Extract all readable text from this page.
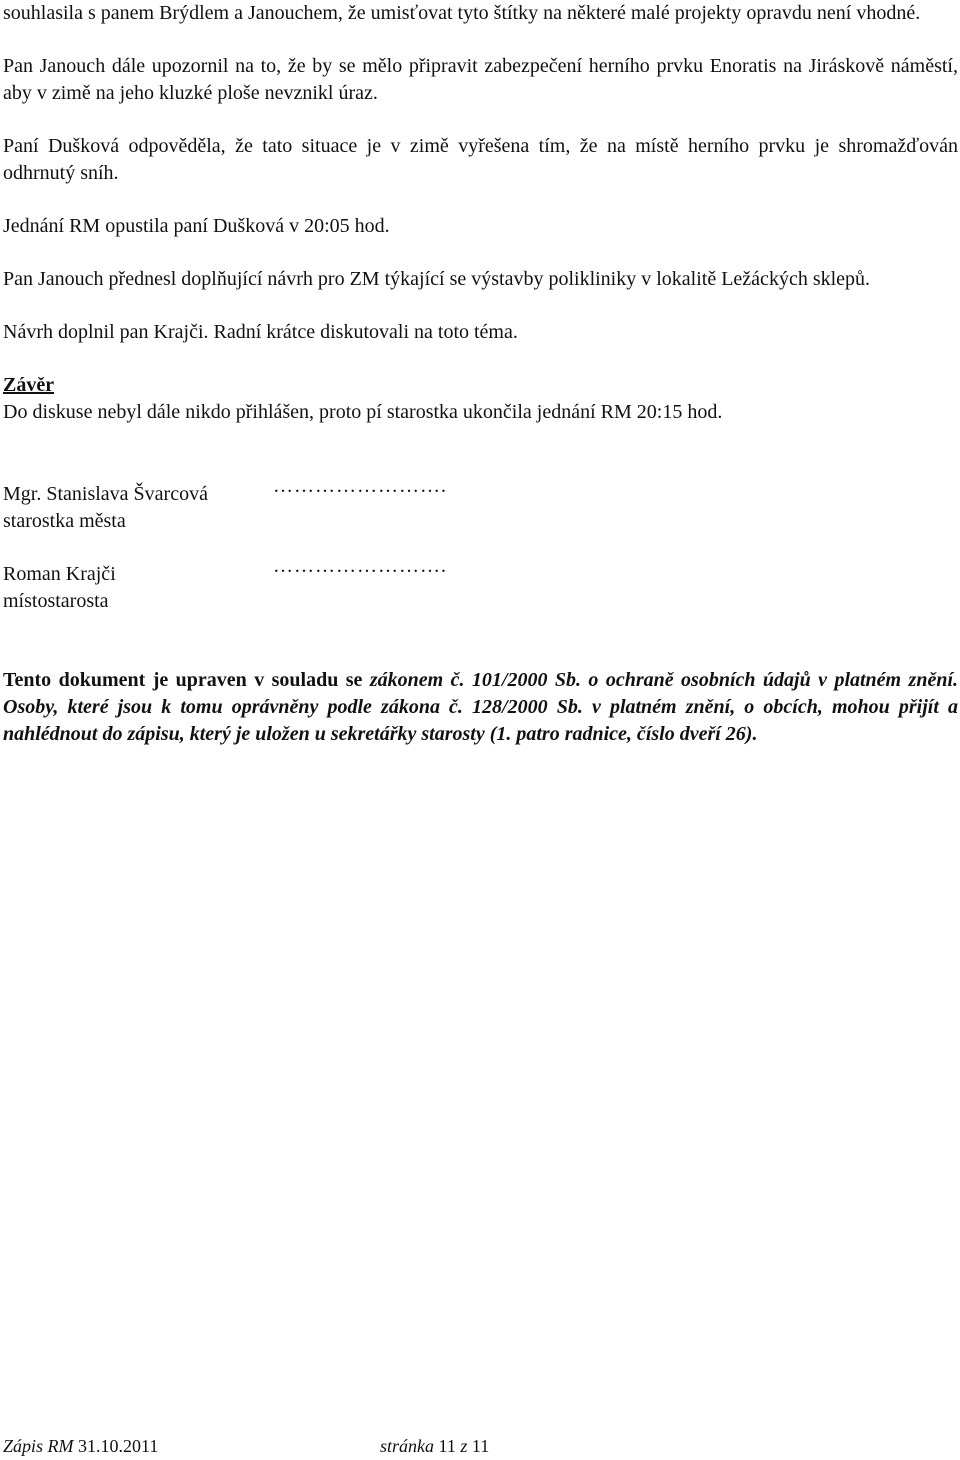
souhlasila s panem Brýdlem a Janouchem, že umisťovat tyto štítky na některé malé projekty opravdu není vhodné.

Pan Janouch dále upozornil na to, že by se mělo připravit zabezpečení herního prvku Enoratis na Jiráskově náměstí, aby v zimě na jeho kluzké ploše nevznikl úraz.

Paní Dušková odpověděla, že tato situace je v zimě vyřešena tím, že na místě herního prvku je shromažďován odhrnutý sníh.

Jednání RM opustila paní Dušková v 20:05 hod.

Pan Janouch přednesl doplňující návrh pro ZM týkající se výstavby polikliniky v lokalitě Ležáckých sklepů.

Návrh doplnil pan Krajči. Radní krátce diskutovali na toto téma.

Závěr

Do diskuse nebyl dále nikdo přihlášen, proto pí starostka ukončila jednání RM 20:15 hod.

Mgr. Stanislava Švarcová
starostka města
…………………….
Roman Krajči
místostarosta
…………………….

Tento dokument je upraven v souladu se zákonem č. 101/2000 Sb. o ochraně osobních údajů v platném znění. Osoby, které jsou k tomu oprávněny podle zákona č. 128/2000 Sb. v platném znění, o obcích, mohou přijít a nahlédnout do zápisu, který je uložen u sekretářky starosty (1. patro radnice, číslo dveří 26).

Zápis RM 31.10.2011	stránka 11 z 11
